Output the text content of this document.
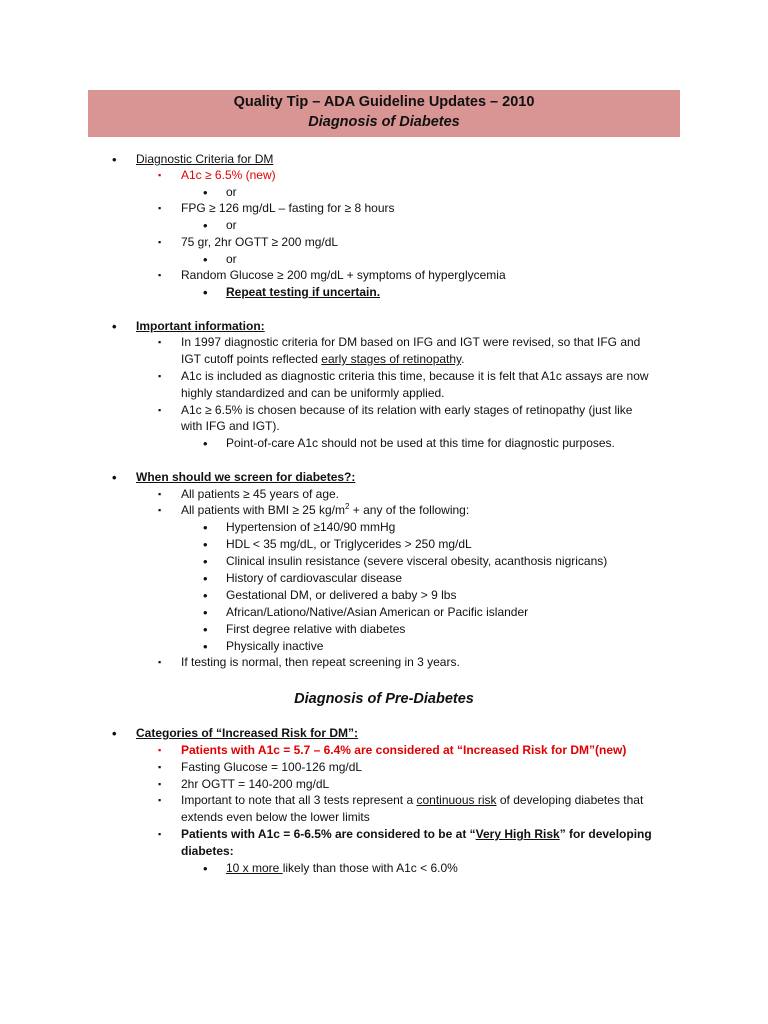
Quality Tip – ADA Guideline Updates – 2010
Diagnosis of Diabetes
• Diagnostic Criteria for DM
▪ A1c ≥ 6.5% (new)
• or
▪ FPG ≥ 126 mg/dL – fasting for ≥ 8 hours
• or
▪ 75 gr, 2hr OGTT ≥ 200 mg/dL
• or
▪ Random Glucose ≥ 200 mg/dL + symptoms of hyperglycemia
• Repeat testing if uncertain.
• Important information:
▪ In 1997 diagnostic criteria for DM based on IFG and IGT were revised, so that IFG and
IGT cutoff points reflected early stages of retinopathy.
▪ A1c is included as diagnostic criteria this time, because it is felt that A1c assays are now
highly standardized and can be uniformly applied.
▪ A1c ≥ 6.5% is chosen because of its relation with early stages of retinopathy (just like
with IFG and IGT).
• Point-of-care A1c should not be used at this time for diagnostic purposes.
• When should we screen for diabetes?:
▪ All patients ≥ 45 years of age.
▪ All patients with BMI ≥ 25 $kg/m^2$ + any of the following:
• Hypertension of ≥140/90 mmHg
• HDL < 35 mg/dL, or Triglycerides > 250 mg/dL
• Clinical insulin resistance (severe visceral obesity, acanthosis nigricans)
• History of cardiovascular disease
• Gestational DM, or delivered a baby > 9 lbs
• African/Lationo/Native/Asian American or Pacific islander
• First degree relative with diabetes
• Physically inactive
▪ If testing is normal, then repeat screening in 3 years.
Diagnosis of Pre-Diabetes
• Categories of “Increased Risk for DM”:
▪ Patients with A1c = 5.7 – 6.4% are considered at “Increased Risk for DM”(new)
▪ Fasting Glucose = 100-126 mg/dL
▪ 2hr OGTT = 140-200 mg/dL
▪ Important to note that all 3 tests represent a continuous risk of developing diabetes that
extends even below the lower limits
▪ Patients with A1c = 6-6.5% are considered to be at “Very High Risk” for developing
diabetes:
• 10 x more likely than those with A1c < 6.0%
